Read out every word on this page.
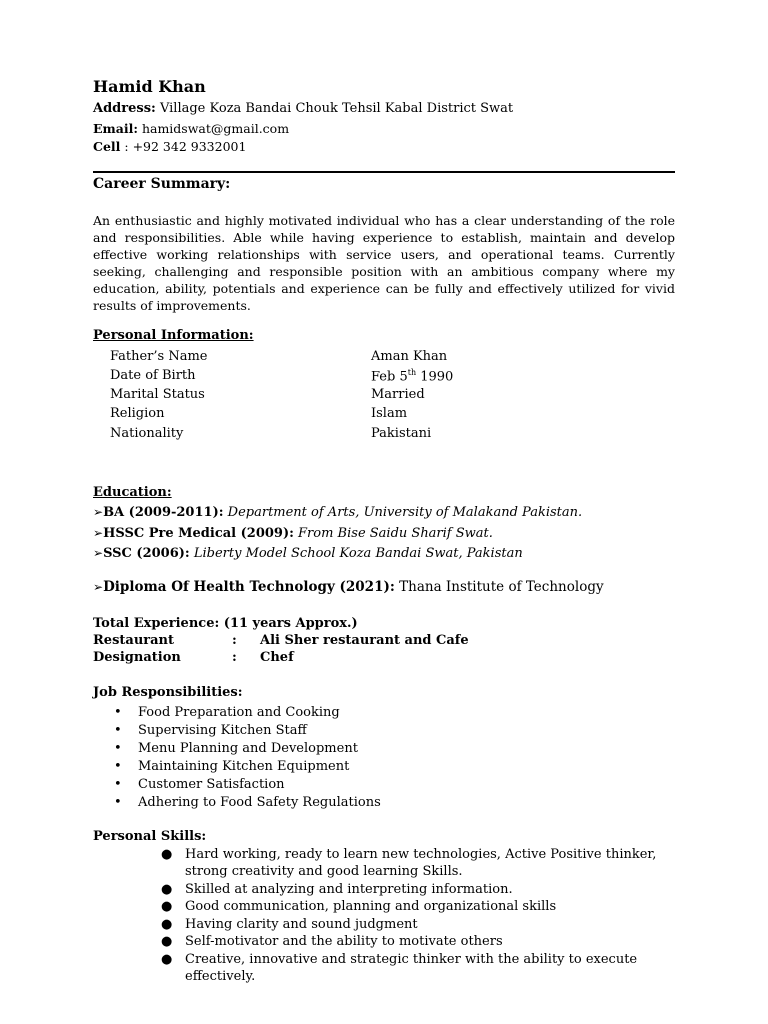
Hamid Khan
Address: Village Koza Bandai Chouk Tehsil Kabal District Swat
Email: hamidswat@gmail.com
Cell : +92 342 9332001
Career Summary:
An enthusiastic and highly motivated individual who has a clear understanding of the role and responsibilities. Able while having experience to establish, maintain and develop effective working relationships with service users, and operational teams. Currently seeking, challenging and responsible position with an ambitious company where my education, ability, potentials and experience can be fully and effectively utilized for vivid results of improvements.
Personal Information:
Father’s Name	Aman Khan
Date of Birth	Feb 5th 1990
Marital Status	Married
Religion	Islam
Nationality	Pakistani
Education:
➢BA (2009-2011): Department of Arts, University of Malakand Pakistan.
➢HSSC Pre Medical (2009): From Bise Saidu Sharif Swat.
➢SSC (2006): Liberty Model School Koza Bandai Swat, Pakistan
➢Diploma Of Health Technology (2021): Thana Institute of Technology
Total Experience: (11 years Approx.)
Restaurant	: Ali Sher restaurant and Cafe
Designation	: Chef
Job Responsibilities:
• Food Preparation and Cooking
• Supervising Kitchen Staff
• Menu Planning and Development
• Maintaining Kitchen Equipment
• Customer Satisfaction
• Adhering to Food Safety Regulations
Personal Skills:
● Hard working, ready to learn new technologies, Active Positive thinker, strong creativity and good learning Skills.
● Skilled at analyzing and interpreting information.
● Good communication, planning and organizational skills
● Having clarity and sound judgment
● Self-motivator and the ability to motivate others
● Creative, innovative and strategic thinker with the ability to execute effectively.
